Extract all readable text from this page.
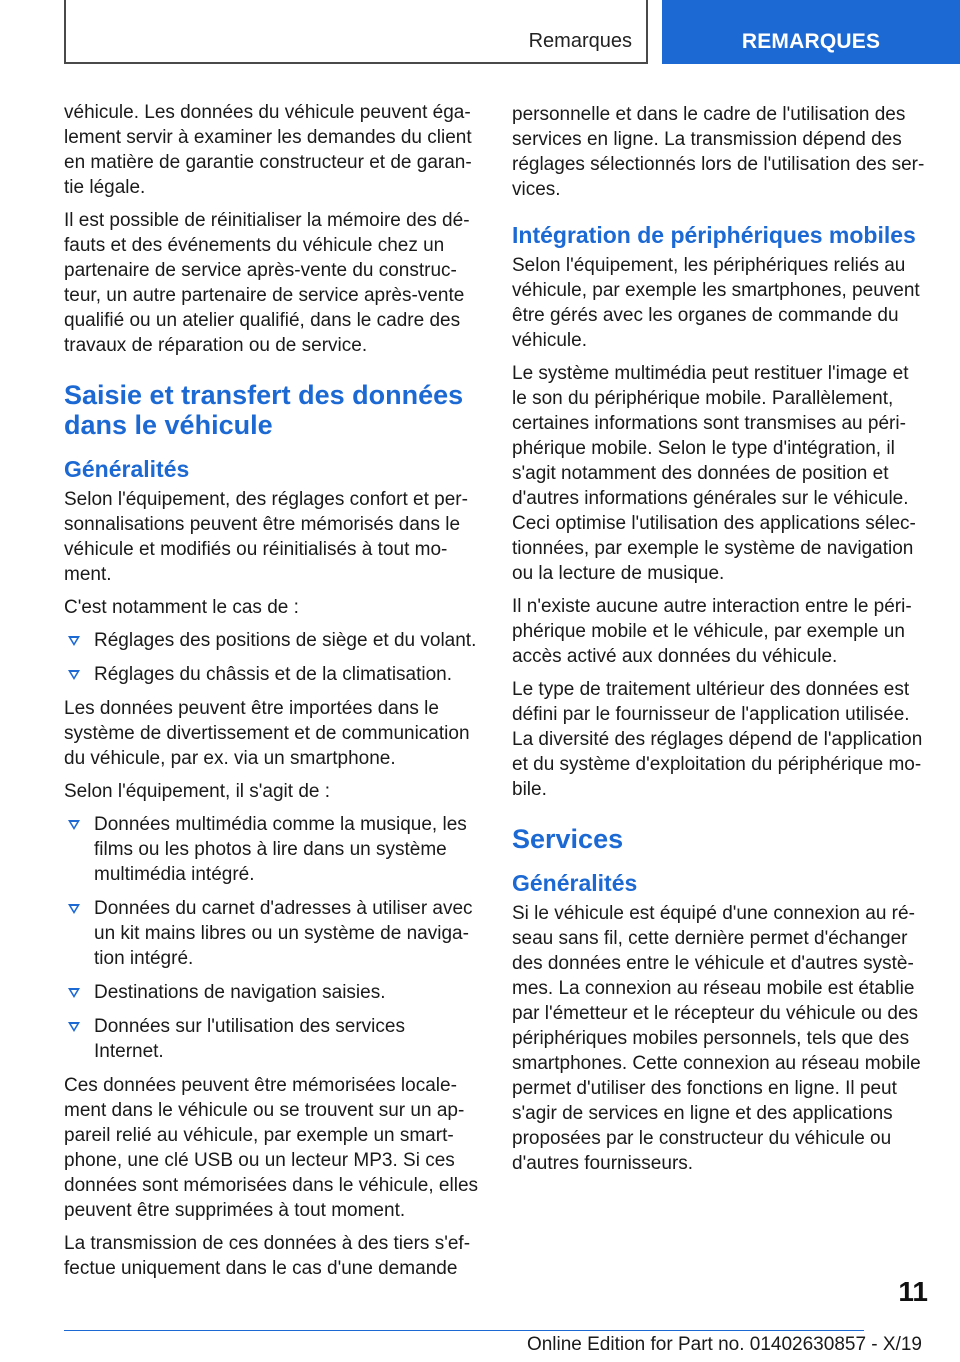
Remarques	REMARQUES

véhicule. Les données du véhicule peuvent également servir à examiner les demandes du client en matière de garantie constructeur et de garantie légale.

Il est possible de réinitialiser la mémoire des défauts et des événements du véhicule chez un partenaire de service après-vente du constructeur, un autre partenaire de service après-vente qualifié ou un atelier qualifié, dans le cadre des travaux de réparation ou de service.

Saisie et transfert des données dans le véhicule
Généralités

Selon l'équipement, des réglages confort et personnalisations peuvent être mémorisés dans le véhicule et modifiés ou réinitialisés à tout moment.

C'est notamment le cas de :

Réglages des positions de siège et du volant.
Réglages du châssis et de la climatisation.

Les données peuvent être importées dans le système de divertissement et de communication du véhicule, par ex. via un smartphone.

Selon l'équipement, il s'agit de :

Données multimédia comme la musique, les films ou les photos à lire dans un système multimédia intégré.
Données du carnet d'adresses à utiliser avec un kit mains libres ou un système de navigation intégré.
Destinations de navigation saisies.
Données sur l'utilisation des services Internet.

Ces données peuvent être mémorisées localement dans le véhicule ou se trouvent sur un appareil relié au véhicule, par exemple un smartphone, une clé USB ou un lecteur MP3. Si ces données sont mémorisées dans le véhicule, elles peuvent être supprimées à tout moment.

La transmission de ces données à des tiers s'effectue uniquement dans le cas d'une demande

personnelle et dans le cadre de l'utilisation des services en ligne. La transmission dépend des réglages sélectionnés lors de l'utilisation des services.

Intégration de périphériques mobiles

Selon l'équipement, les périphériques reliés au véhicule, par exemple les smartphones, peuvent être gérés avec les organes de commande du véhicule.

Le système multimédia peut restituer l'image et le son du périphérique mobile. Parallèlement, certaines informations sont transmises au périphérique mobile. Selon le type d'intégration, il s'agit notamment des données de position et d'autres informations générales sur le véhicule. Ceci optimise l'utilisation des applications sélectionnées, par exemple le système de navigation ou la lecture de musique.

Il n'existe aucune autre interaction entre le périphérique mobile et le véhicule, par exemple un accès activé aux données du véhicule.

Le type de traitement ultérieur des données est défini par le fournisseur de l'application utilisée. La diversité des réglages dépend de l'application et du système d'exploitation du périphérique mobile.

Services
Généralités

Si le véhicule est équipé d'une connexion au réseau sans fil, cette dernière permet d'échanger des données entre le véhicule et d'autres systèmes. La connexion au réseau mobile est établie par l'émetteur et le récepteur du véhicule ou des périphériques mobiles personnels, tels que des smartphones. Cette connexion au réseau mobile permet d'utiliser des fonctions en ligne. Il peut s'agir de services en ligne et des applications proposées par le constructeur du véhicule ou d'autres fournisseurs.

11
Online Edition for Part no. 01402630857 - X/19
